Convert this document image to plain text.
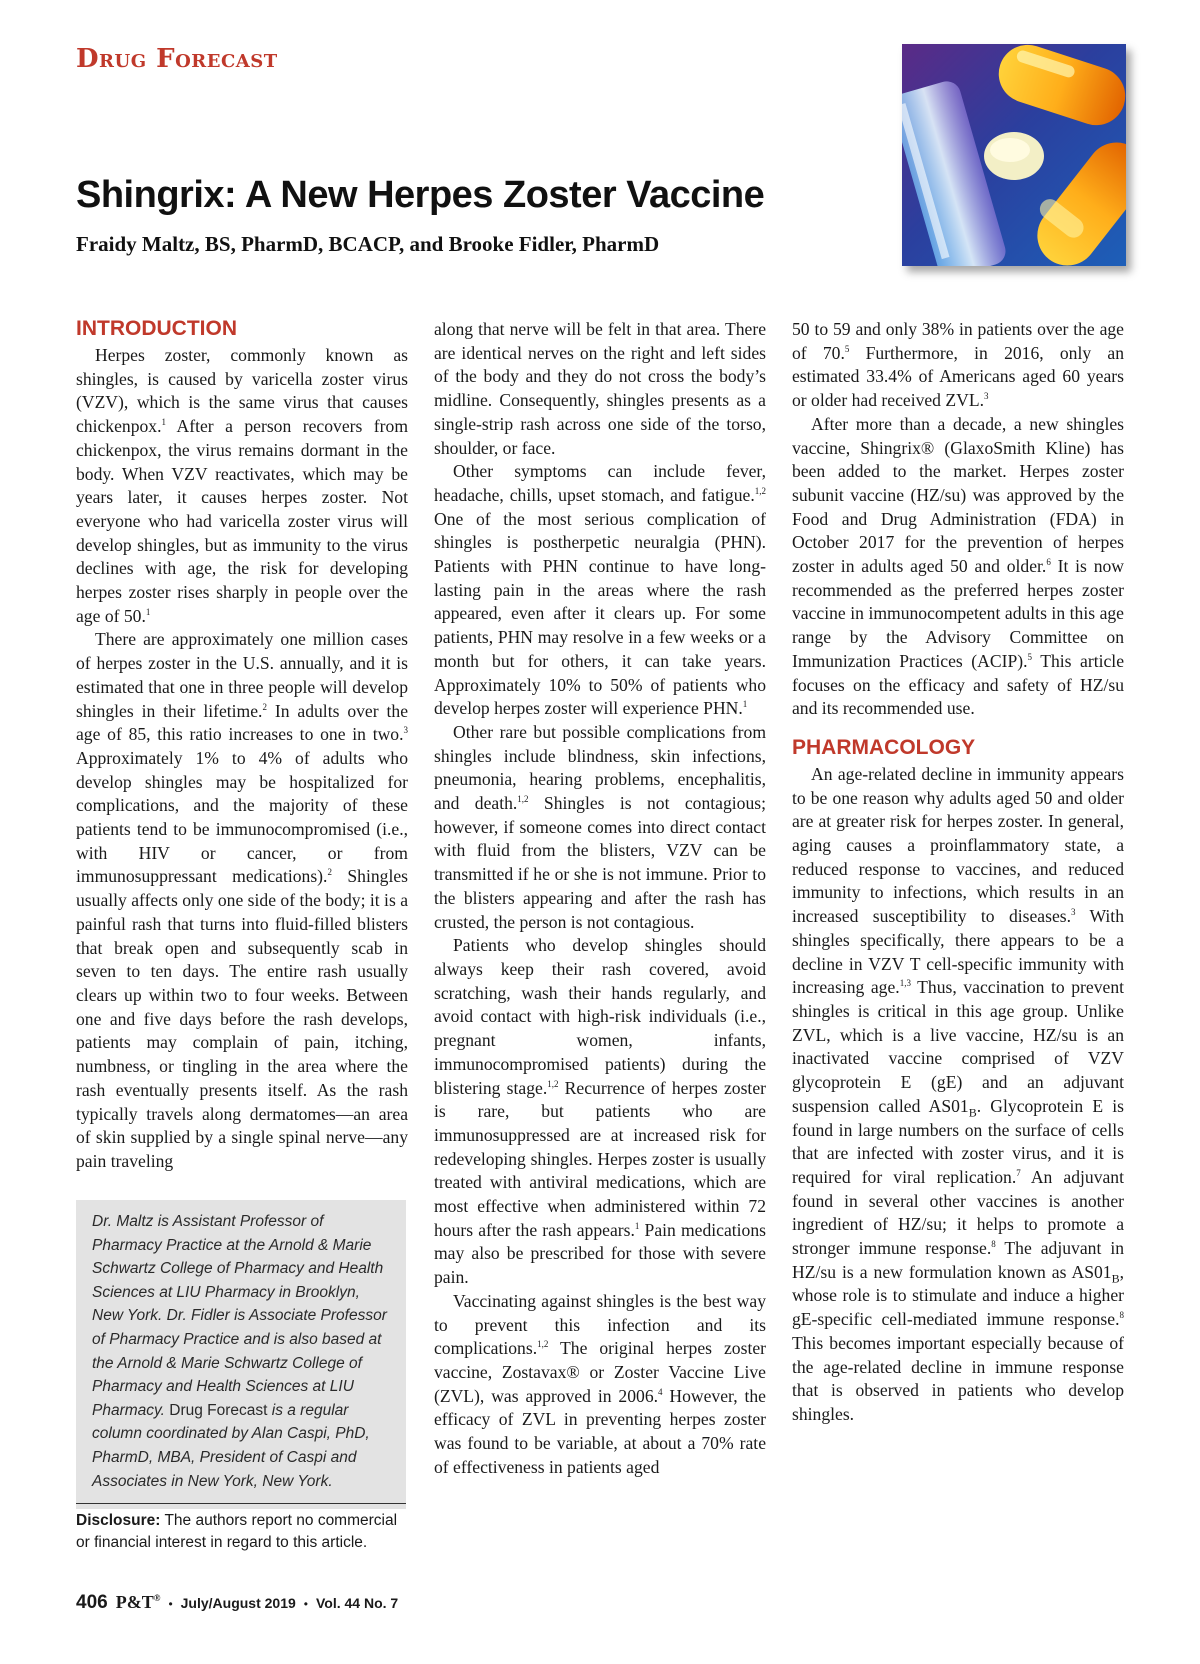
Drug Forecast
Shingrix: A New Herpes Zoster Vaccine
Fraidy Maltz, BS, PharmD, BCACP, and Brooke Fidler, PharmD
INTRODUCTION

Herpes zoster, commonly known as shingles, is caused by varicella zoster virus (VZV), which is the same virus that causes chickenpox.$^1$ After a person recovers from chickenpox, the virus remains dormant in the body. When VZV reactivates, which may be years later, it causes herpes zoster. Not everyone who had varicella zoster virus will develop shingles, but as immunity to the virus declines with age, the risk for developing herpes zoster rises sharply in people over the age of 50.$^1$

There are approximately one million cases of herpes zoster in the U.S. annually, and it is estimated that one in three people will develop shingles in their lifetime.$^2$ In adults over the age of 85, this ratio increases to one in two.$^3$ Approximately 1% to 4% of adults who develop shingles may be hospitalized for complications, and the majority of these patients tend to be immunocompromised (i.e., with HIV or cancer, or from immunosuppressant medications).$^2$ Shingles usually affects only one side of the body; it is a painful rash that turns into fluid-filled blisters that break open and subsequently scab in seven to ten days. The entire rash usually clears up within two to four weeks. Between one and five days before the rash develops, patients may complain of pain, itching, numbness, or tingling in the area where the rash eventually presents itself. As the rash typically travels along dermatomes—an area of skin supplied by a single spinal nerve—any pain traveling

Dr. Maltz is Assistant Professor of Pharmacy Practice at the Arnold & Marie Schwartz College of Pharmacy and Health Sciences at LIU Pharmacy in Brooklyn, New York. Dr. Fidler is Associate Professor of Pharmacy Practice and is also based at the Arnold & Marie Schwartz College of Pharmacy and Health Sciences at LIU Pharmacy. Drug Forecast is a regular column coordinated by Alan Caspi, PhD, PharmD, MBA, President of Caspi and Associates in New York, New York.
Disclosure: The authors report no commercial or financial interest in regard to this article.

along that nerve will be felt in that area. There are identical nerves on the right and left sides of the body and they do not cross the body’s midline. Consequently, shingles presents as a single-strip rash across one side of the torso, shoulder, or face.

Other symptoms can include fever, headache, chills, upset stomach, and fatigue.$^{1,2}$ One of the most serious complication of shingles is postherpetic neuralgia (PHN). Patients with PHN continue to have long-lasting pain in the areas where the rash appeared, even after it clears up. For some patients, PHN may resolve in a few weeks or a month but for others, it can take years. Approximately 10% to 50% of patients who develop herpes zoster will experience PHN.$^1$

Other rare but possible complications from shingles include blindness, skin infections, pneumonia, hearing problems, encephalitis, and death.$^{1,2}$ Shingles is not contagious; however, if someone comes into direct contact with fluid from the blisters, VZV can be transmitted if he or she is not immune. Prior to the blisters appearing and after the rash has crusted, the person is not contagious.

Patients who develop shingles should always keep their rash covered, avoid scratching, wash their hands regularly, and avoid contact with high-risk individuals (i.e., pregnant women, infants, immunocompromised patients) during the blistering stage.$^{1,2}$ Recurrence of herpes zoster is rare, but patients who are immunosuppressed are at increased risk for redeveloping shingles. Herpes zoster is usually treated with antiviral medications, which are most effective when administered within 72 hours after the rash appears.$^1$ Pain medications may also be prescribed for those with severe pain.

Vaccinating against shingles is the best way to prevent this infection and its complications.$^{1,2}$ The original herpes zoster vaccine, Zostavax® or Zoster Vaccine Live (ZVL), was approved in 2006.$^4$ However, the efficacy of ZVL in preventing herpes zoster was found to be variable, at about a 70% rate of effectiveness in patients aged

50 to 59 and only 38% in patients over the age of 70.$^5$ Furthermore, in 2016, only an estimated 33.4% of Americans aged 60 years or older had received ZVL.$^3$

After more than a decade, a new shingles vaccine, Shingrix® (GlaxoSmith Kline) has been added to the market. Herpes zoster subunit vaccine (HZ/su) was approved by the Food and Drug Administration (FDA) in October 2017 for the prevention of herpes zoster in adults aged 50 and older.$^6$ It is now recommended as the preferred herpes zoster vaccine in immunocompetent adults in this age range by the Advisory Committee on Immunization Practices (ACIP).$^5$ This article focuses on the efficacy and safety of HZ/su and its recommended use.

PHARMACOLOGY

An age-related decline in immunity appears to be one reason why adults aged 50 and older are at greater risk for herpes zoster. In general, aging causes a proinflammatory state, a reduced response to vaccines, and reduced immunity to infections, which results in an increased susceptibility to diseases.$^3$ With shingles specifically, there appears to be a decline in VZV T cell-specific immunity with increasing age.$^{1,3}$ Thus, vaccination to prevent shingles is critical in this age group. Unlike ZVL, which is a live vaccine, HZ/su is an inactivated vaccine comprised of VZV glycoprotein E (gE) and an adjuvant suspension called $AS01_B$. Glycoprotein E is found in large numbers on the surface of cells that are infected with zoster virus, and it is required for viral replication.$^7$ An adjuvant found in several other vaccines is another ingredient of HZ/su; it helps to promote a stronger immune response.$^8$ The adjuvant in HZ/su is a new formulation known as $AS01_B$, whose role is to stimulate and induce a higher gE-specific cell-mediated immune response.$^8$ This becomes important especially because of the age-related decline in immune response that is observed in patients who develop shingles.

406 P&T® • July/August 2019 • Vol. 44 No. 7
